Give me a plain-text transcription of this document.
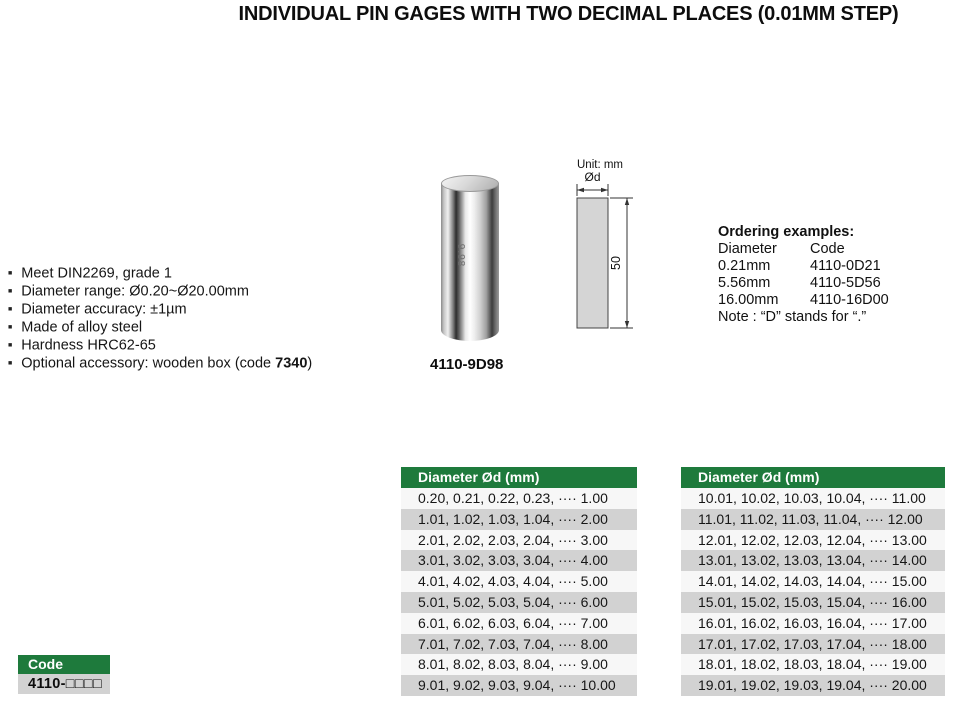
INDIVIDUAL PIN GAGES WITH TWO DECIMAL PLACES (0.01MM STEP)
■ Meet DIN2269, grade 1
■ Diameter range: Ø0.20~Ø20.00mm
■ Diameter accuracy: ±1µm
■ Made of alloy steel
■ Hardness HRC62-65
■ Optional accessory: wooden box (code 7340)
9.98
4110-9D98
Unit: mm
Ød
50
Ordering examples:
Diameter	Code
0.21mm	4110-0D21
5.56mm	4110-5D56
16.00mm	4110-16D00
Note : “D” stands for “.”
Diameter Ød (mm)
0.20, 0.21, 0.22, 0.23, ···· 1.00
1.01, 1.02, 1.03, 1.04, ···· 2.00
2.01, 2.02, 2.03, 2.04, ···· 3.00
3.01, 3.02, 3.03, 3.04, ···· 4.00
4.01, 4.02, 4.03, 4.04, ···· 5.00
5.01, 5.02, 5.03, 5.04, ···· 6.00
6.01, 6.02, 6.03, 6.04, ···· 7.00
7.01, 7.02, 7.03, 7.04, ···· 8.00
8.01, 8.02, 8.03, 8.04, ···· 9.00
9.01, 9.02, 9.03, 9.04, ···· 10.00
Diameter Ød (mm)
10.01, 10.02, 10.03, 10.04, ···· 11.00
11.01, 11.02, 11.03, 11.04, ···· 12.00
12.01, 12.02, 12.03, 12.04, ···· 13.00
13.01, 13.02, 13.03, 13.04, ···· 14.00
14.01, 14.02, 14.03, 14.04, ···· 15.00
15.01, 15.02, 15.03, 15.04, ···· 16.00
16.01, 16.02, 16.03, 16.04, ···· 17.00
17.01, 17.02, 17.03, 17.04, ···· 18.00
18.01, 18.02, 18.03, 18.04, ···· 19.00
19.01, 19.02, 19.03, 19.04, ···· 20.00
Code
4110-□□□□
